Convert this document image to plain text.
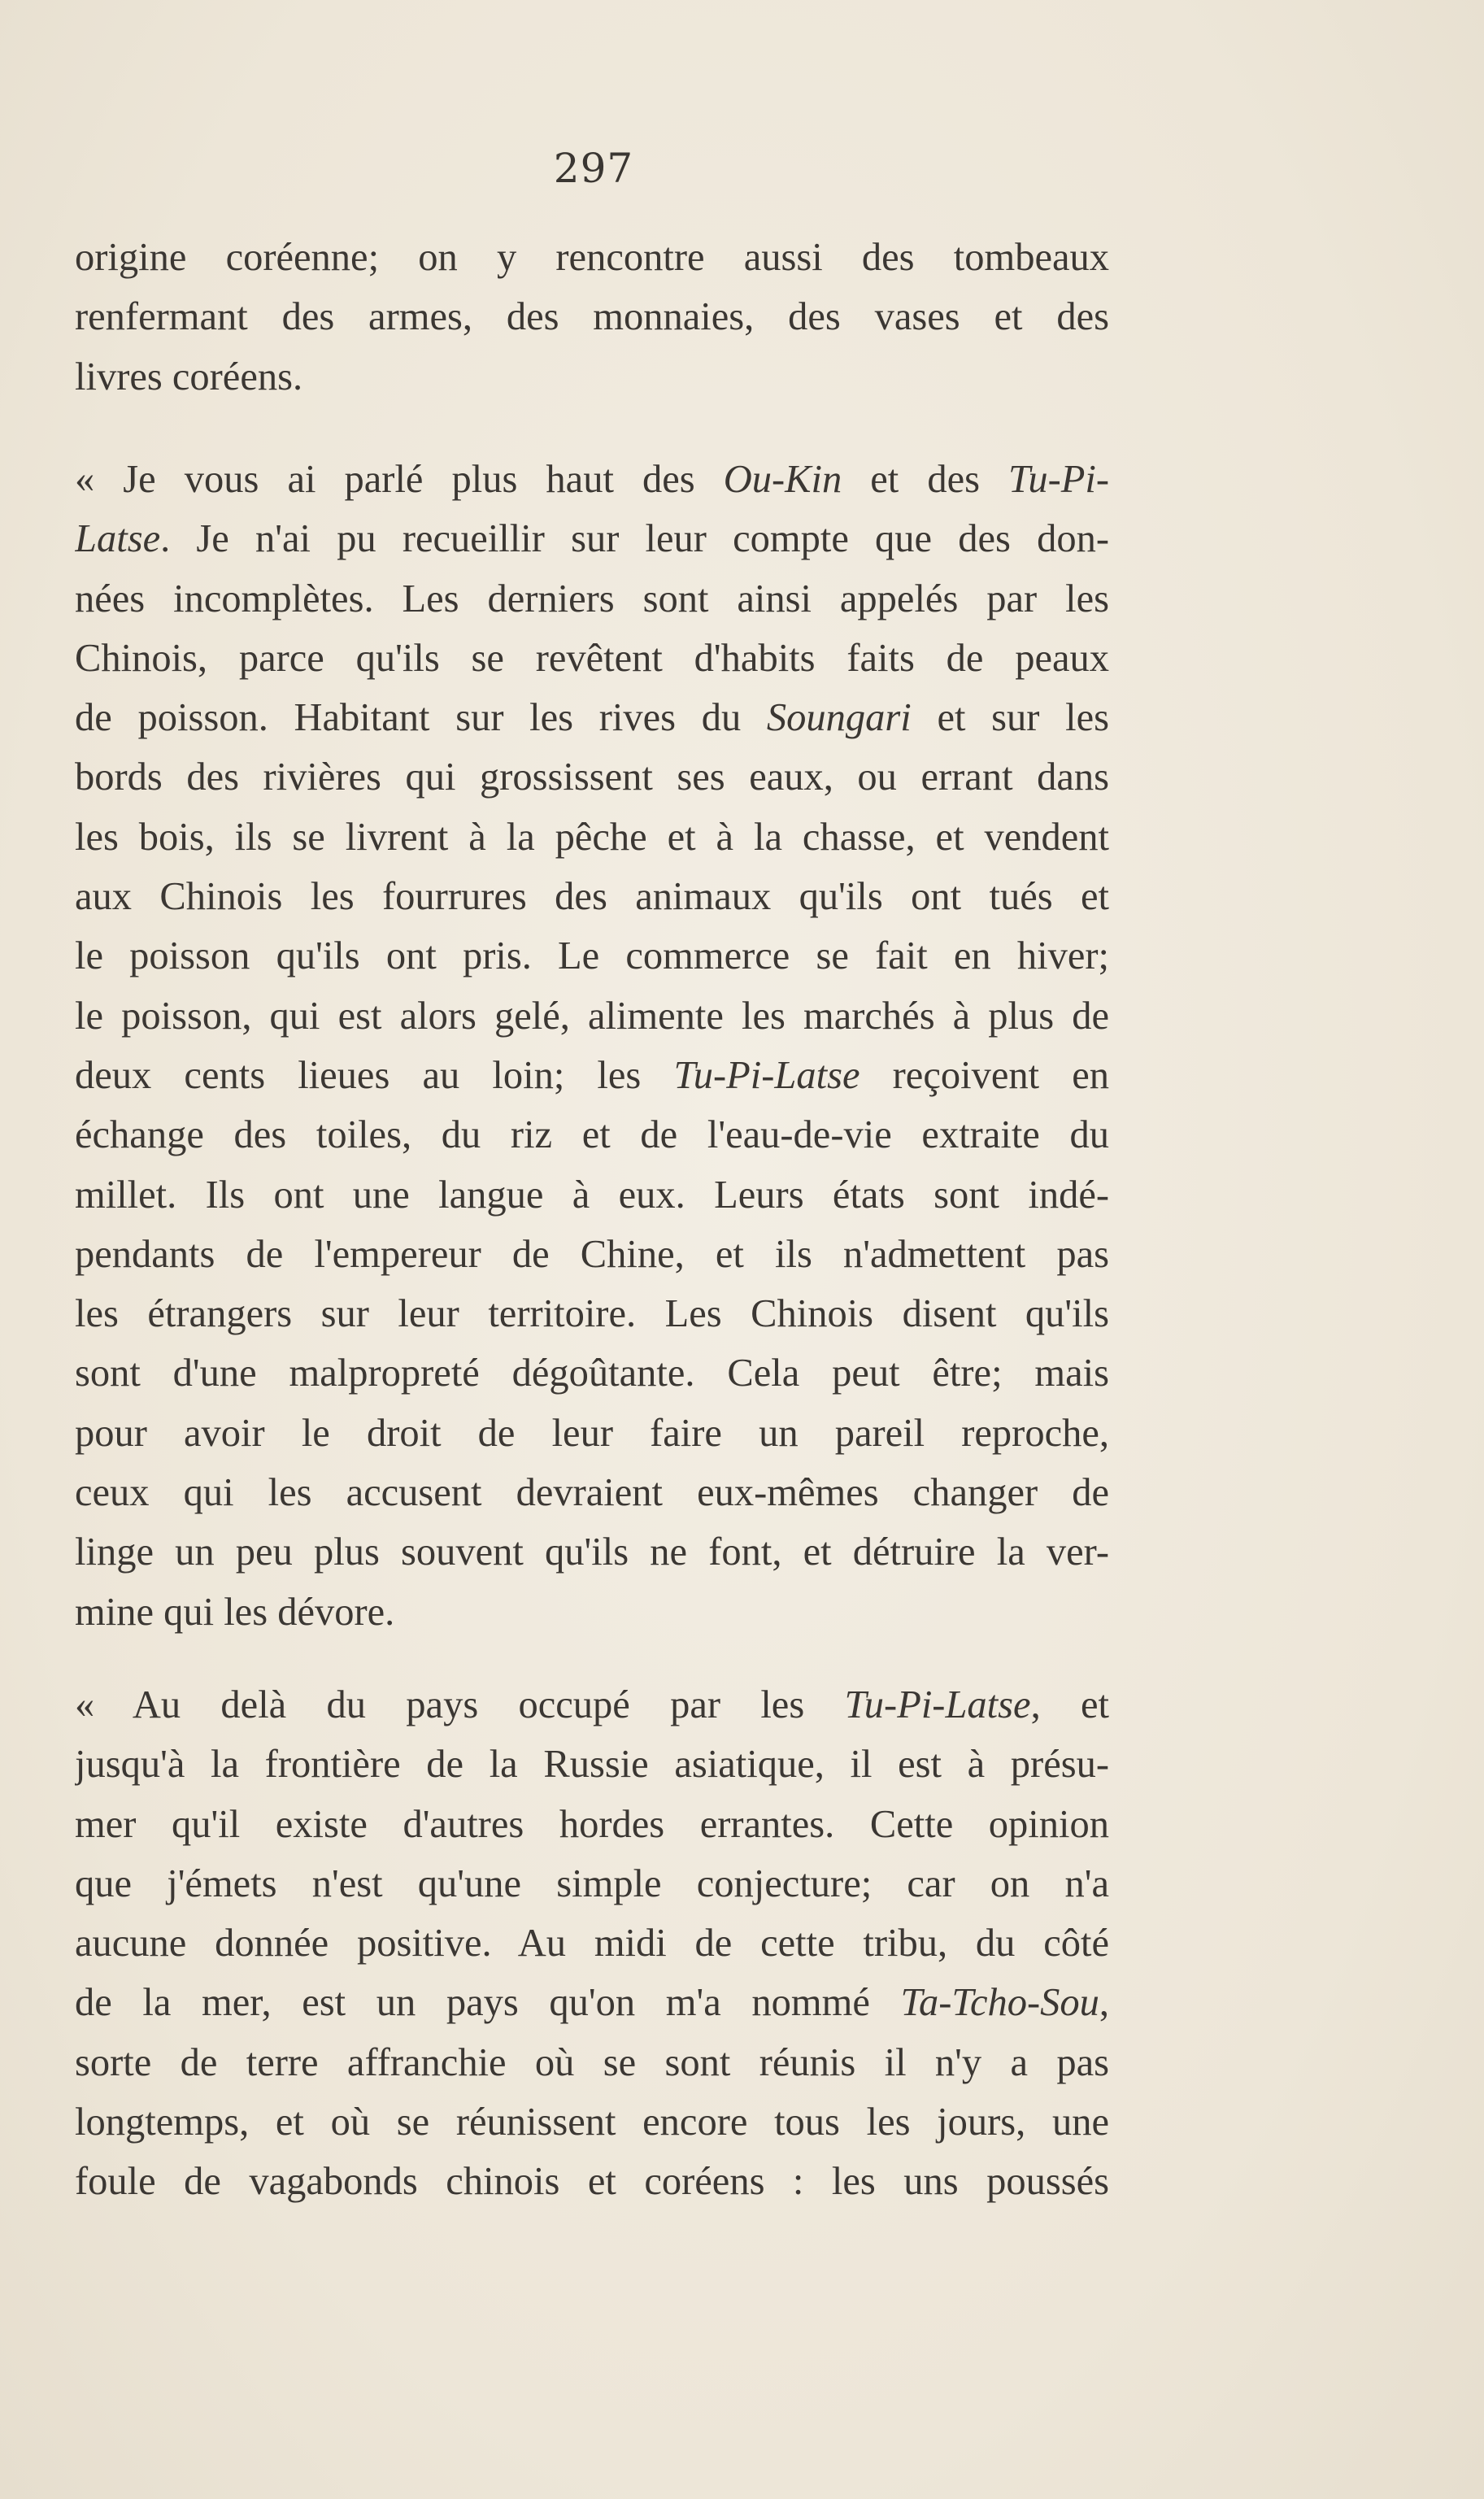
297
origine coréenne; on y rencontre aussi des tombeaux
renfermant des armes, des monnaies, des vases et des
livres coréens.
« Je vous ai parlé plus haut des Ou-Kin et des Tu-Pi-
Latse. Je n'ai pu recueillir sur leur compte que des don-
nées incomplètes. Les derniers sont ainsi appelés par les
Chinois, parce qu'ils se revêtent d'habits faits de peaux
de poisson. Habitant sur les rives du Soungari et sur les
bords des rivières qui grossissent ses eaux, ou errant dans
les bois, ils se livrent à la pêche et à la chasse, et vendent
aux Chinois les fourrures des animaux qu'ils ont tués et
le poisson qu'ils ont pris. Le commerce se fait en hiver;
le poisson, qui est alors gelé, alimente les marchés à plus de
deux cents lieues au loin; les Tu-Pi-Latse reçoivent en
échange des toiles, du riz et de l'eau-de-vie extraite du
millet. Ils ont une langue à eux. Leurs états sont indé-
pendants de l'empereur de Chine, et ils n'admettent pas
les étrangers sur leur territoire. Les Chinois disent qu'ils
sont d'une malpropreté dégoûtante. Cela peut être; mais
pour avoir le droit de leur faire un pareil reproche,
ceux qui les accusent devraient eux-mêmes changer de
linge un peu plus souvent qu'ils ne font, et détruire la ver-
mine qui les dévore.
« Au delà du pays occupé par les Tu-Pi-Latse, et
jusqu'à la frontière de la Russie asiatique, il est à présu-
mer qu'il existe d'autres hordes errantes. Cette opinion
que j'émets n'est qu'une simple conjecture; car on n'a
aucune donnée positive. Au midi de cette tribu, du côté
de la mer, est un pays qu'on m'a nommé Ta-Tcho-Sou,
sorte de terre affranchie où se sont réunis il n'y a pas
longtemps, et où se réunissent encore tous les jours, une
foule de vagabonds chinois et coréens : les uns poussés
